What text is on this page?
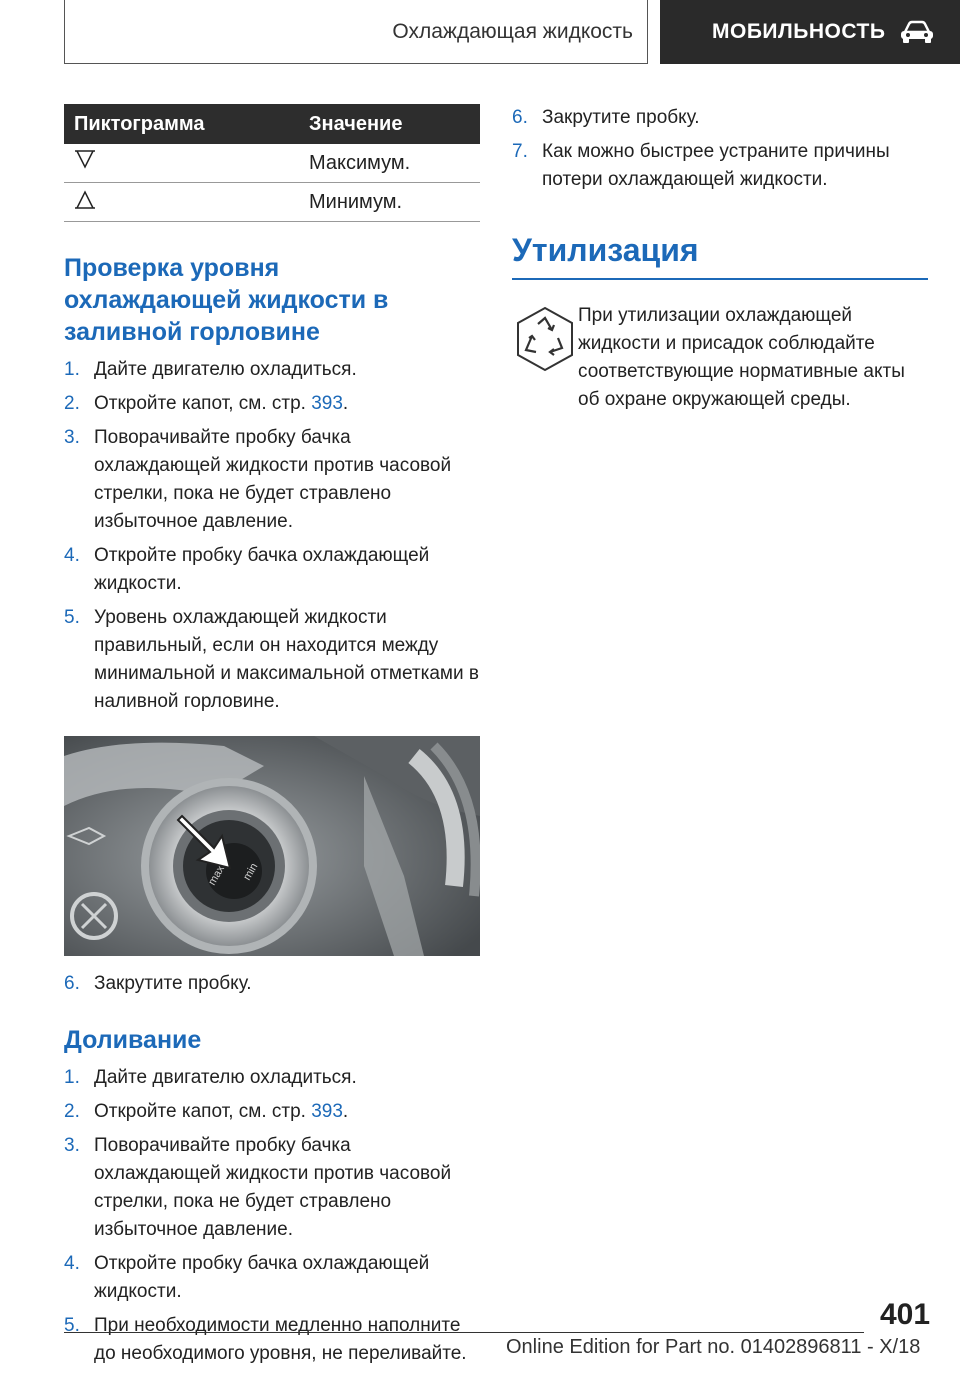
Охлаждающая жидкость	МОБИЛЬНОСТЬ
Пиктограмма	Значение
	Максимум.
	Минимум.
Проверка уровня
охлаждающей жидкости в
заливной горловине
1. Дайте двигателю охладиться.
2. Откройте капот, см. стр. 393.
3. Поворачивайте пробку бачка охлаждающей жидкости против часовой стрелки, пока не будет стравлено избыточное давление.
4. Откройте пробку бачка охлаждающей жидкости.
5. Уровень охлаждающей жидкости правильный, если он находится между минимальной и максимальной отметками в наливной горловине.
max min
6. Закрутите пробку.
Доливание
1. Дайте двигателю охладиться.
2. Откройте капот, см. стр. 393.
3. Поворачивайте пробку бачка охлаждающей жидкости против часовой стрелки, пока не будет стравлено избыточное давление.
4. Откройте пробку бачка охлаждающей жидкости.
5. При необходимости медленно наполните до необходимого уровня, не переливайте.
6. Закрутите пробку.
7. Как можно быстрее устраните причины потери охлаждающей жидкости.
Утилизация

При утилизации охлаждающей жидкости и присадок соблюдайте соответствующие нормативные акты об охране окружающей среды.

401
Online Edition for Part no. 01402896811 - X/18
